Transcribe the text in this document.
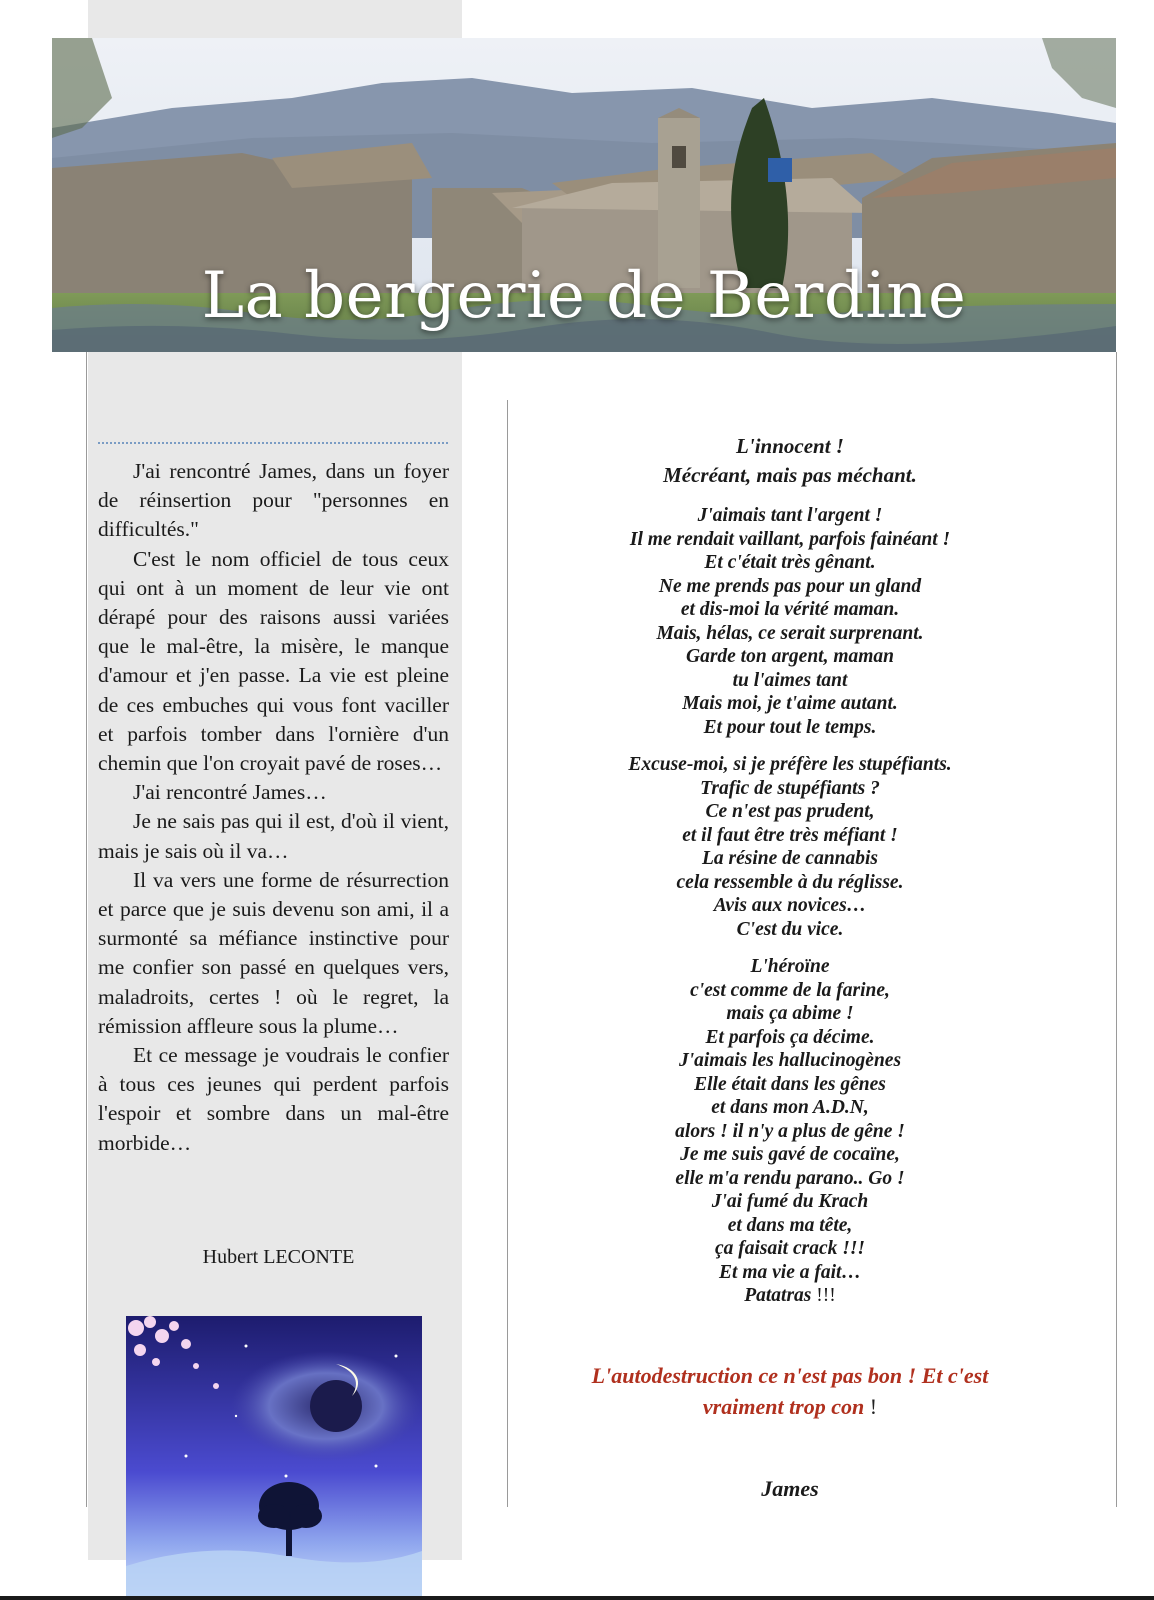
La bergerie de Berdine

J'ai rencontré James, dans un foyer de réinsertion pour "personnes en difficultés."

C'est le nom officiel de tous ceux qui ont à un moment de leur vie ont dérapé pour des raisons aussi variées que le mal-être, la misère, le manque d'amour et j'en passe. La vie est pleine de ces embuches qui vous font vaciller et parfois tomber dans l'ornière d'un chemin que l'on croyait pavé de roses…

J'ai rencontré James…

Je ne sais pas qui il est, d'où il vient, mais je sais où il va…

Il va vers une forme de résurrection et parce que je suis devenu son ami, il a surmonté sa méfiance instinctive pour me confier son passé en quelques vers, maladroits, certes ! où le regret, la rémission affleure sous la plume…

Et ce message je voudrais le confier à tous ces jeunes qui perdent parfois l'espoir et sombre dans un mal-être morbide…

Hubert LECONTE
L'innocent !
Mécréant, mais pas méchant.
J'aimais tant l'argent !
Il me rendait vaillant, parfois fainéant !
Et c'était très gênant.
Ne me prends pas pour un gland
et dis-moi la vérité maman.
Mais, hélas, ce serait surprenant.
Garde ton argent, maman
tu l'aimes tant
Mais moi, je t'aime autant.
Et pour tout le temps.
Excuse-moi, si je préfère les stupéfiants.
Trafic de stupéfiants ?
Ce n'est pas prudent,
et il faut être très méfiant !
La résine de cannabis
cela ressemble à du réglisse.
Avis aux novices…
C'est du vice.
L'héroïne
c'est comme de la farine,
mais ça abime !
Et parfois ça décime.
J'aimais les hallucinogènes
Elle était dans les gênes
et dans mon A.D.N,
alors ! il n'y a plus de gêne !
Je me suis gavé de cocaïne,
elle m'a rendu parano.. Go !
J'ai fumé du Krach
et dans ma tête,
ça faisait crack !!!
Et ma vie a fait…
Patatras !!!
L'autodestruction ce n'est pas bon ! Et c'est vraiment trop con !
James
